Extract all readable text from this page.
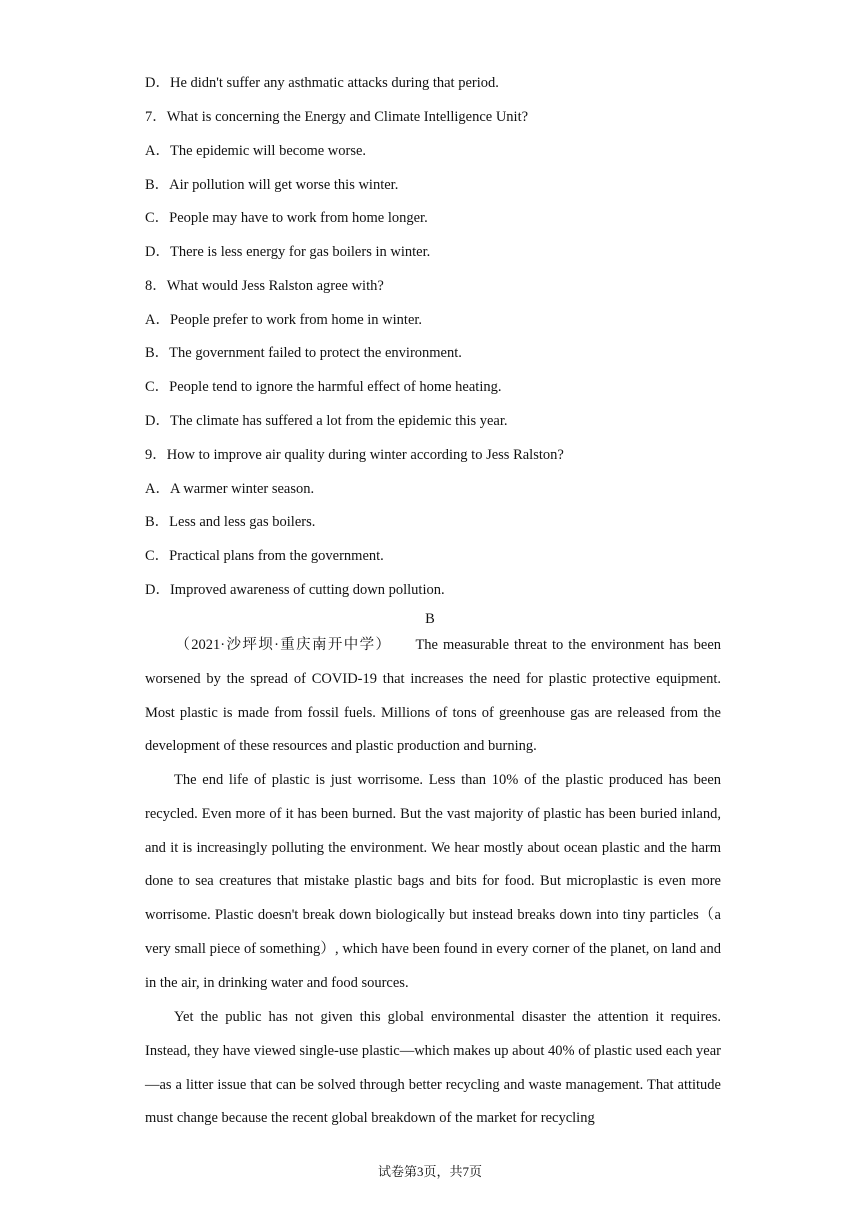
D．He didn't suffer any asthmatic attacks during that period.
7．What is concerning the Energy and Climate Intelligence Unit?
A．The epidemic will become worse.
B．Air pollution will get worse this winter.
C．People may have to work from home longer.
D．There is less energy for gas boilers in winter.
8．What would Jess Ralston agree with?
A．People prefer to work from home in winter.
B．The government failed to protect the environment.
C．People tend to ignore the harmful effect of home heating.
D．The climate has suffered a lot from the epidemic this year.
9．How to improve air quality during winter according to Jess Ralston?
A．A warmer winter season.
B．Less and less gas boilers.
C．Practical plans from the government.
D．Improved awareness of cutting down pollution.
B
（2021·沙坪坝·重庆南开中学） The measurable threat to the environment has been worsened by the spread of COVID-19 that increases the need for plastic protective equipment. Most plastic is made from fossil fuels. Millions of tons of greenhouse gas are released from the development of these resources and plastic production and burning.
The end life of plastic is just worrisome. Less than 10% of the plastic produced has been recycled. Even more of it has been burned. But the vast majority of plastic has been buried inland, and it is increasingly polluting the environment. We hear mostly about ocean plastic and the harm done to sea creatures that mistake plastic bags and bits for food. But microplastic is even more worrisome. Plastic doesn't break down biologically but instead breaks down into tiny particles（a very small piece of something）, which have been found in every corner of the planet, on land and in the air, in drinking water and food sources.
Yet the public has not given this global environmental disaster the attention it requires. Instead, they have viewed single-use plastic—which makes up about 40% of plastic used each year—as a litter issue that can be solved through better recycling and waste management. That attitude must change because the recent global breakdown of the market for recycling
试卷第3页，共7页
